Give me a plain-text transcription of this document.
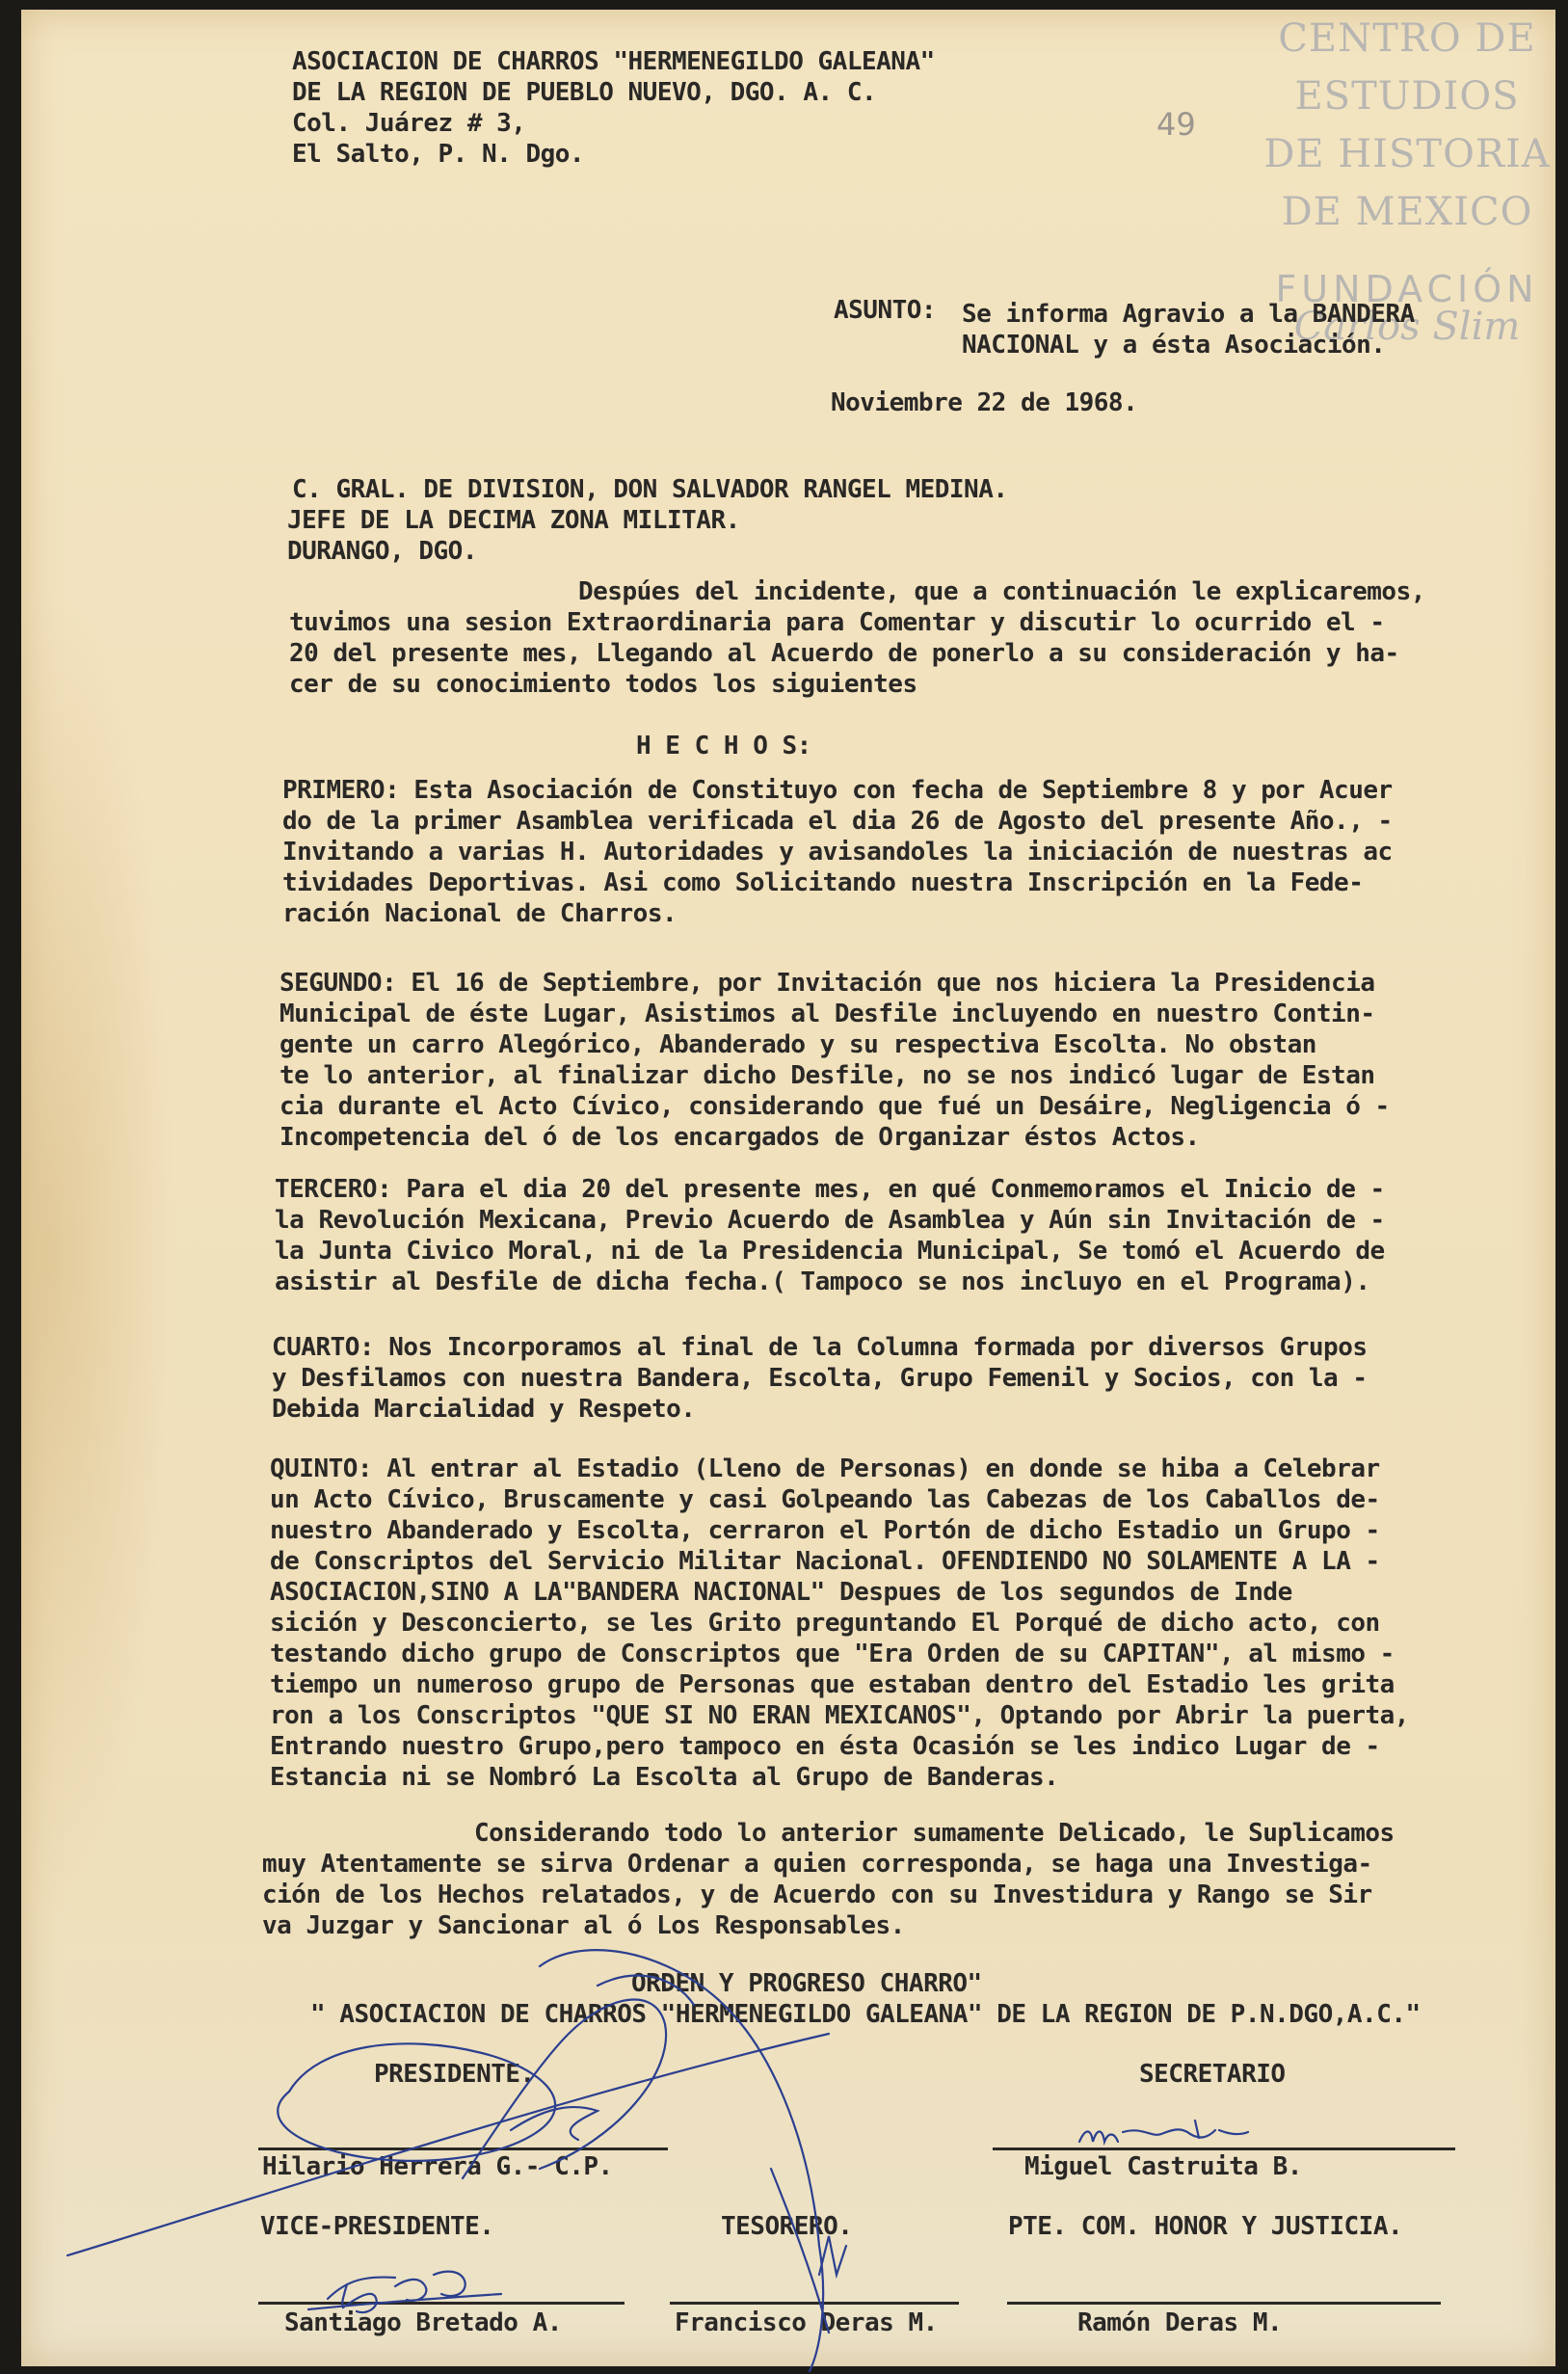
CENTRO DE
ESTUDIOS
DE HISTORIA
DE MEXICO
FUNDACIÓN
Carlos Slim
49
ASOCIACION DE CHARROS "HERMENEGILDO GALEANA"
DE LA REGION DE PUEBLO NUEVO, DGO. A. C.
Col. Juárez # 3,
El Salto, P. N. Dgo.
ASUNTO: Se informa Agravio a la BANDERA
NACIONAL y a ésta Asociación.
Noviembre 22 de 1968.
C. GRAL. DE DIVISION, DON SALVADOR RANGEL MEDINA.
JEFE DE LA DECIMA ZONA MILITAR.
DURANGO, DGO.
Despúes del incidente, que a continuación le explicaremos,
tuvimos una sesion Extraordinaria para Comentar y discutir lo ocurrido el -
20 del presente mes, Llegando al Acuerdo de ponerlo a su consideración y ha-
cer de su conocimiento todos los siguientes
H E C H O S:
PRIMERO: Esta Asociación de Constituyo con fecha de Septiembre 8 y por Acuer
do de la primer Asamblea verificada el dia 26 de Agosto del presente Año., -
Invitando a varias H. Autoridades y avisandoles la iniciación de nuestras ac
tividades Deportivas. Asi como Solicitando nuestra Inscripción en la Fede-
ración Nacional de Charros.
SEGUNDO: El 16 de Septiembre, por Invitación que nos hiciera la Presidencia
Municipal de éste Lugar, Asistimos al Desfile incluyendo en nuestro Contin-
gente un carro Alegórico, Abanderado y su respectiva Escolta. No obstan
te lo anterior, al finalizar dicho Desfile, no se nos indicó lugar de Estan
cia durante el Acto Cívico, considerando que fué un Desáire, Negligencia ó -
Incompetencia del ó de los encargados de Organizar éstos Actos.
TERCERO: Para el dia 20 del presente mes, en qué Conmemoramos el Inicio de -
la Revolución Mexicana, Previo Acuerdo de Asamblea y Aún sin Invitación de -
la Junta Civico Moral, ni de la Presidencia Municipal, Se tomó el Acuerdo de
asistir al Desfile de dicha fecha.( Tampoco se nos incluyo en el Programa).
CUARTO: Nos Incorporamos al final de la Columna formada por diversos Grupos
y Desfilamos con nuestra Bandera, Escolta, Grupo Femenil y Socios, con la -
Debida Marcialidad y Respeto.
QUINTO: Al entrar al Estadio (Lleno de Personas) en donde se hiba a Celebrar
un Acto Cívico, Bruscamente y casi Golpeando las Cabezas de los Caballos de-
nuestro Abanderado y Escolta, cerraron el Portón de dicho Estadio un Grupo -
de Conscriptos del Servicio Militar Nacional. OFENDIENDO NO SOLAMENTE A LA -
ASOCIACION,SINO A LA"BANDERA NACIONAL" Despues de los segundos de Inde
sición y Desconcierto, se les Grito preguntando El Porqué de dicho acto, con
testando dicho grupo de Conscriptos que "Era Orden de su CAPITAN", al mismo -
tiempo un numeroso grupo de Personas que estaban dentro del Estadio les grita
ron a los Conscriptos "QUE SI NO ERAN MEXICANOS", Optando por Abrir la puerta,
Entrando nuestro Grupo,pero tampoco en ésta Ocasión se les indico Lugar de -
Estancia ni se Nombró La Escolta al Grupo de Banderas.
Considerando todo lo anterior sumamente Delicado, le Suplicamos
muy Atentamente se sirva Ordenar a quien corresponda, se haga una Investiga-
ción de los Hechos relatados, y de Acuerdo con su Investidura y Rango se Sir
va Juzgar y Sancionar al ó Los Responsables.
ORDEN Y PROGRESO CHARRO"
" ASOCIACION DE CHARROS "HERMENEGILDO GALEANA" DE LA REGION DE P.N.DGO,A.C."
PRESIDENTE.	SECRETARIO
Hilario Herrera G.- C.P.	Miguel Castruita B.
VICE-PRESIDENTE.	TESORERO.	PTE. COM. HONOR Y JUSTICIA.
Santiago Bretado A.	Francisco Deras M.	Ramón Deras M.
